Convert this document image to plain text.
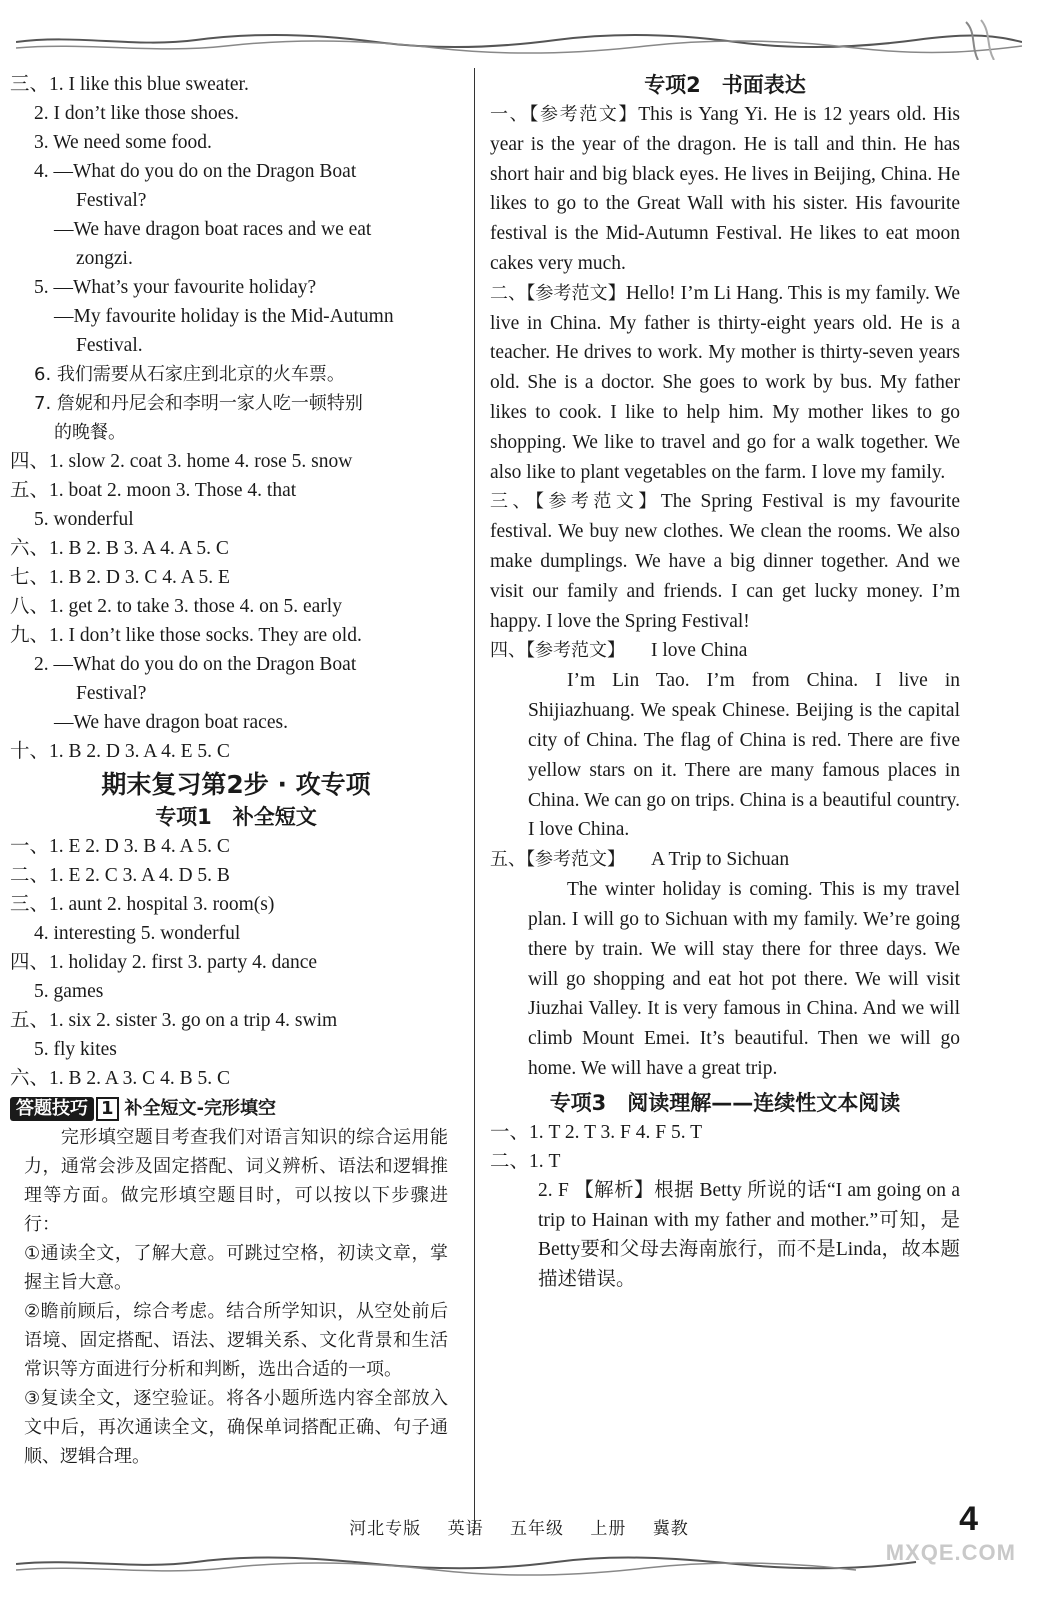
三、1. I like this blue sweater.
2. I don’t like those shoes.
3. We need some food.
4. —What do you do on the Dragon Boat
Festival?
—We have dragon boat races and we eat
zongzi.
5. —What’s your favourite holiday?
—My favourite holiday is the Mid-Autumn
Festival.
6. 我们需要从石家庄到北京的火车票。
7. 詹妮和丹尼会和李明一家人吃一顿特别
的晚餐。
四、1. slow 2. coat 3. home 4. rose 5. snow
五、1. boat 2. moon 3. Those 4. that
5. wonderful
六、1. B 2. B 3. A 4. A 5. C
七、1. B 2. D 3. C 4. A 5. E
八、1. get 2. to take 3. those 4. on 5. early
九、1. I don’t like those socks. They are old.
2. —What do you do on the Dragon Boat
Festival?
—We have dragon boat races.
十、1. B 2. D 3. A 4. E 5. C
期末复习第2步 · 攻专项
专项1　补全短文
一、1. E 2. D 3. B 4. A 5. C
二、1. E 2. C 3. A 4. D 5. B
三、1. aunt 2. hospital 3. room(s)
4. interesting 5. wonderful
四、1. holiday 2. first 3. party 4. dance
5. games
五、1. six 2. sister 3. go on a trip 4. swim
5. fly kites
六、1. B 2. A 3. C 4. B 5. C
答题技巧 1 补全短文-完形填空
　　完形填空题目考查我们对语言知识的综合运用能力，通常会涉及固定搭配、词义辨析、语法和逻辑推理等方面。做完形填空题目时，可以按以下步骤进行：
①通读全文，了解大意。可跳过空格，初读文章，掌握主旨大意。
②瞻前顾后，综合考虑。结合所学知识，从空处前后语境、固定搭配、语法、逻辑关系、文化背景和生活常识等方面进行分析和判断，选出合适的一项。
③复读全文，逐空验证。将各小题所选内容全部放入文中后，再次通读全文，确保单词搭配正确、句子通顺、逻辑合理。
专项2　书面表达
一、【参考范文】This is Yang Yi. He is 12 years old. His year is the year of the dragon. He is tall and thin. He has short hair and big black eyes. He lives in Beijing, China. He likes to go to the Great Wall with his sister. His favourite festival is the Mid-Autumn Festival. He likes to eat moon cakes very much.
二、【参考范文】Hello! I’m Li Hang. This is my family. We live in China. My father is thirty-eight years old. He is a teacher. He drives to work. My mother is thirty-seven years old. She is a doctor. She goes to work by bus. My father likes to cook. I like to help him. My mother likes to go shopping. We like to travel and go for a walk together. We also like to plant vegetables on the farm. I love my family.
三、【参考范文】The Spring Festival is my favourite festival. We buy new clothes. We clean the rooms. We also make dumplings. We have a big dinner together. And we visit our family and friends. I can get lucky money. I’m happy. I love the Spring Festival!
四、【参考范文】 I love China
I’m Lin Tao. I’m from China. I live in Shijiazhuang. We speak Chinese. Beijing is the capital city of China. The flag of China is red. There are five yellow stars on it. There are many famous places in China. We can go on trips. China is a beautiful country. I love China.
五、【参考范文】 A Trip to Sichuan
The winter holiday is coming. This is my travel plan. I will go to Sichuan with my family. We’re going there by train. We will stay there for three days. We will go shopping and eat hot pot there. We will visit Jiuzhai Valley. It is very famous in China. And we will climb Mount Emei. It’s beautiful. Then we will go home. We will have a great trip.
专项3　阅读理解——连续性文本阅读
一、1. T 2. T 3. F 4. F 5. T
二、1. T
2. F 【解析】根据 Betty 所说的话“I am going on a trip to Hainan with my father and mother.”可知，是Betty要和父母去海南旅行，而不是Linda，故本题描述错误。
河北专版 英语 五年级 上册 冀教	4
MXQE.COM
